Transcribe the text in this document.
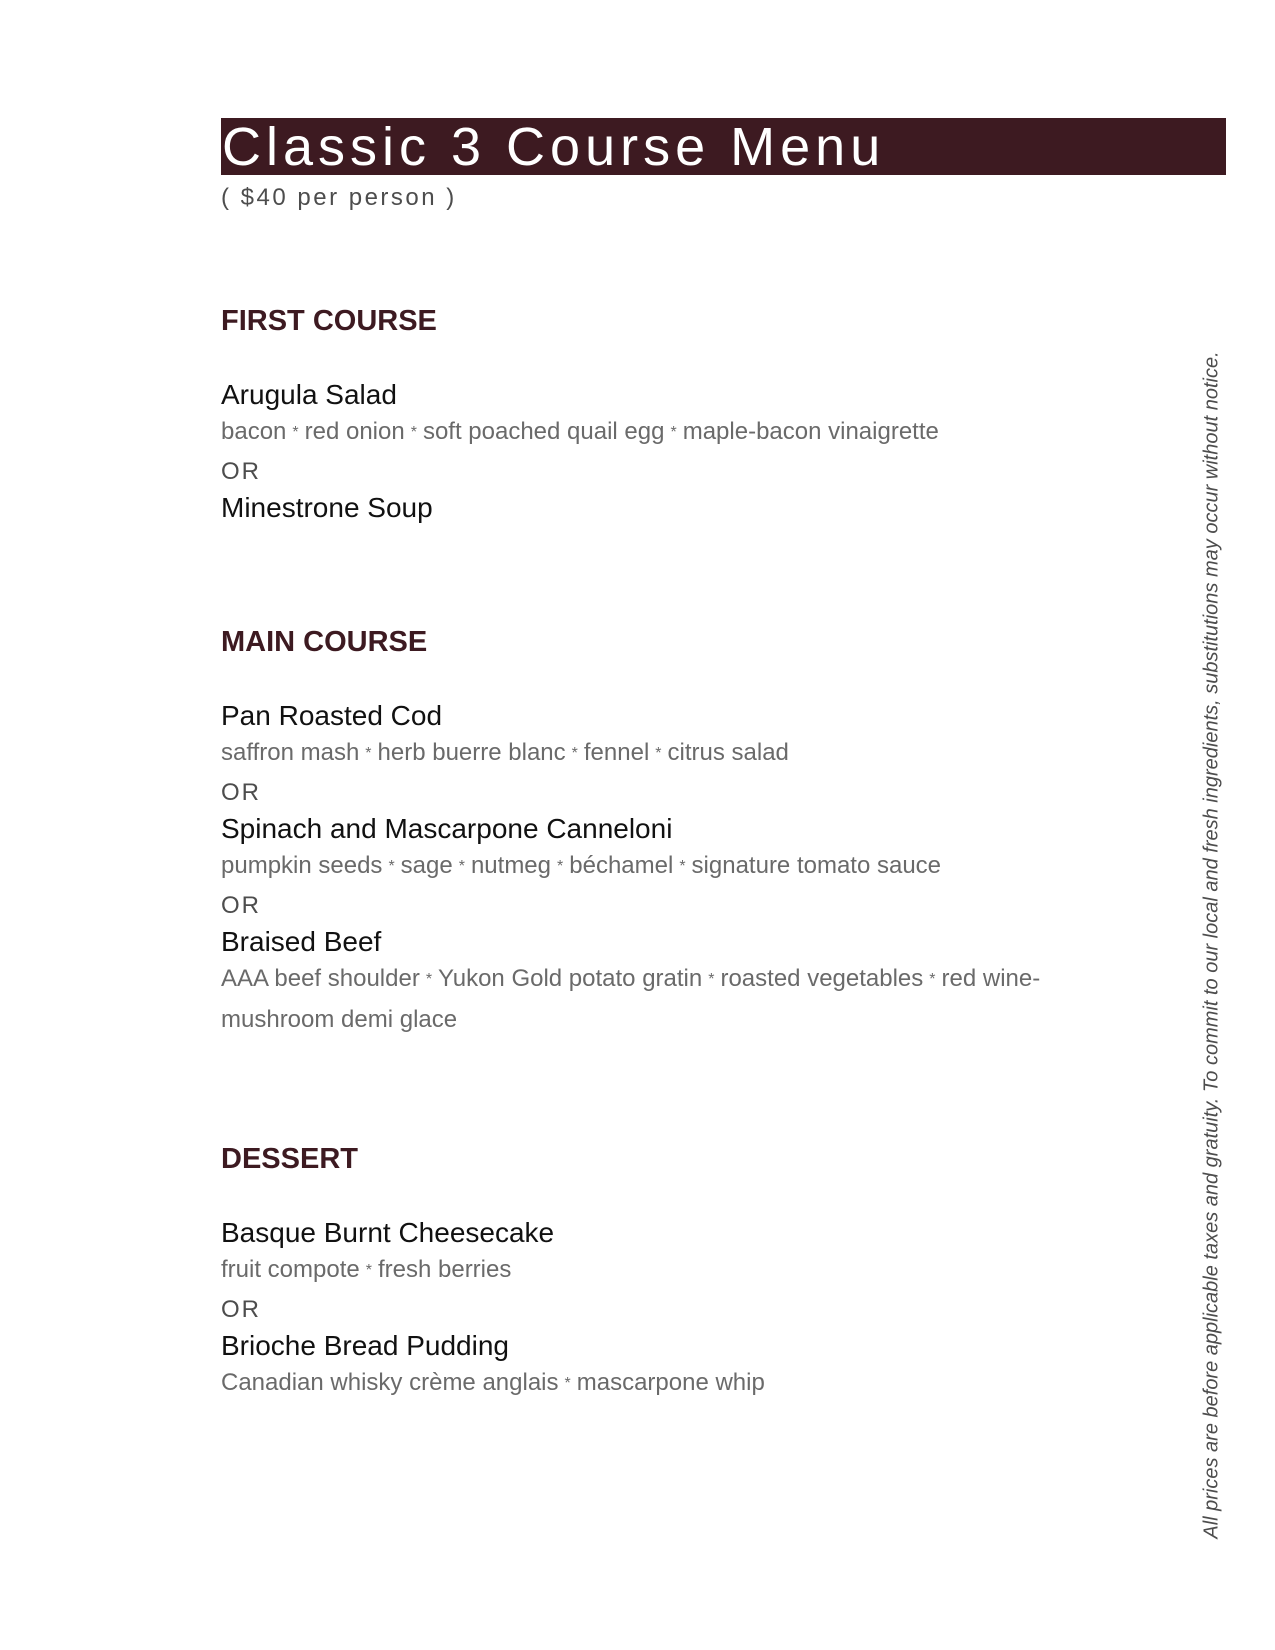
Classic 3 Course Menu
( $40 per person )
FIRST COURSE
Arugula Salad
bacon * red onion * soft poached quail egg * maple-bacon vinaigrette
OR
Minestrone Soup
MAIN COURSE
Pan Roasted Cod
saffron mash * herb buerre blanc * fennel * citrus salad
OR
Spinach and Mascarpone Canneloni
pumpkin seeds * sage * nutmeg * béchamel * signature tomato sauce
OR
Braised Beef
AAA beef shoulder * Yukon Gold potato gratin * roasted vegetables * red wine-mushroom demi glace
DESSERT
Basque Burnt Cheesecake
fruit compote * fresh berries
OR
Brioche Bread Pudding
Canadian whisky crème anglais * mascarpone whip	All prices are before applicable taxes and gratuity. To commit to our local and fresh ingredients, substitutions may occur without notice.
